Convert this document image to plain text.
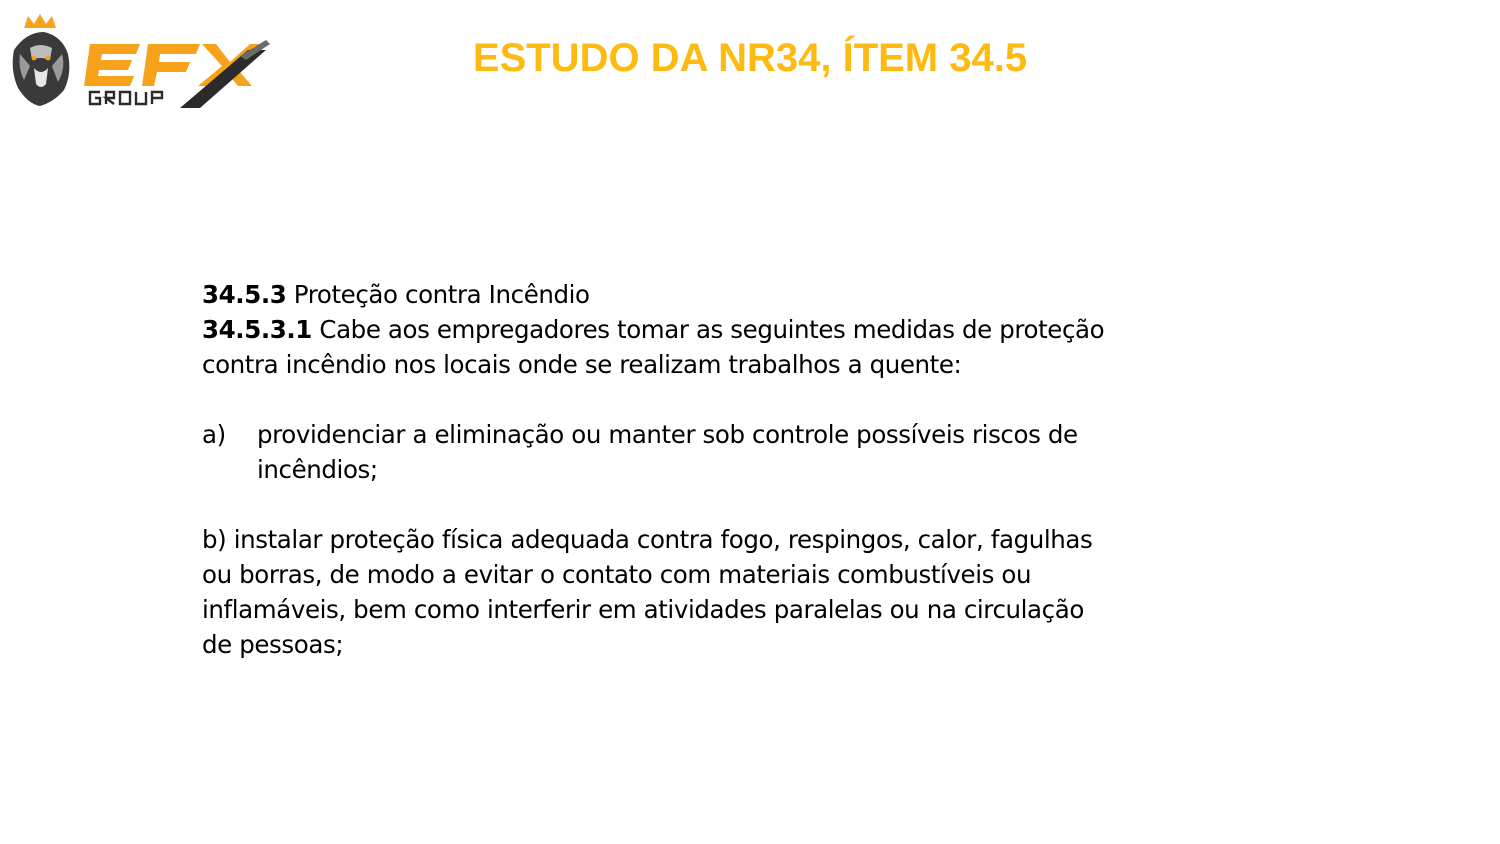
ESTUDO DA NR34, ÍTEM 34.5

34.5.3 Proteção contra Incêndio

34.5.3.1 Cabe aos empregadores tomar as seguintes medidas de proteção

contra incêndio nos locais onde se realizam trabalhos a quente:

a)	providenciar a eliminação ou manter sob controle possíveis riscos de
incêndios;

b) instalar proteção física adequada contra fogo, respingos, calor, fagulhas

ou borras, de modo a evitar o contato com materiais combustíveis ou

inflamáveis, bem como interferir em atividades paralelas ou na circulação

de pessoas;
